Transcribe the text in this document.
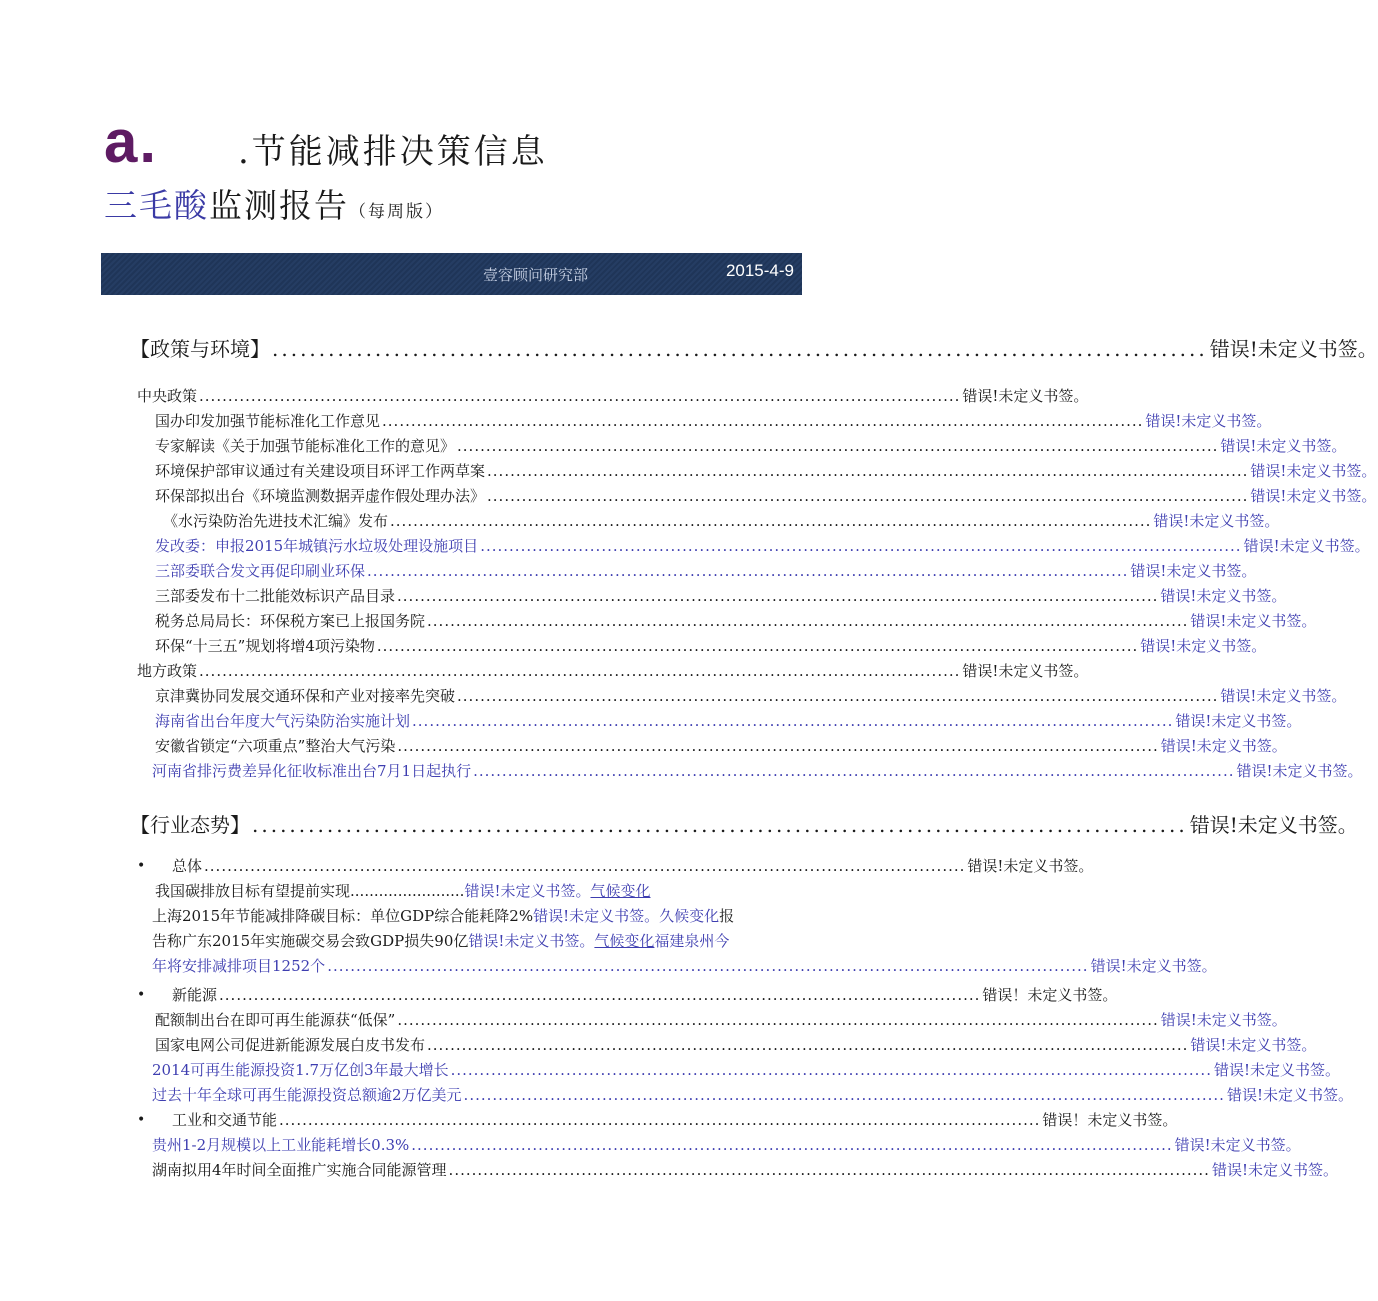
a. .节能减排决策信息
三毛酸监测报告（每周版）
壹容顾问研究部	2015-4-9
【政策与环境】 .................................................................................................... 错误!未定义书签。
中央政策 .................................................................................................................................... 错误!未定义书签。
国办印发加强节能标准化工作意见 .................................................................................................................................... 错误!未定义书签。
专家解读《关于加强节能标准化工作的意见》 .................................................................................................................................... 错误!未定义书签。
环境保护部审议通过有关建设项目环评工作两草案 .................................................................................................................................... 错误!未定义书签。
环保部拟出台《环境监测数据弄虚作假处理办法》 .................................................................................................................................... 错误!未定义书签。
《水污染防治先进技术汇编》发布 .................................................................................................................................... 错误!未定义书签。
发改委：申报2015年城镇污水垃圾处理设施项目 .................................................................................................................................... 错误!未定义书签。
三部委联合发文再促印刷业环保 .................................................................................................................................... 错误!未定义书签。
三部委发布十二批能效标识产品目录 .................................................................................................................................... 错误!未定义书签。
税务总局局长：环保税方案已上报国务院 .................................................................................................................................... 错误!未定义书签。
环保“十三五”规划将增4项污染物 .................................................................................................................................... 错误!未定义书签。
地方政策 .................................................................................................................................... 错误!未定义书签。
京津冀协同发展交通环保和产业对接率先突破 .................................................................................................................................... 错误!未定义书签。
海南省出台年度大气污染防治实施计划 .................................................................................................................................... 错误!未定义书签。
安徽省锁定“六项重点”整治大气污染 .................................................................................................................................... 错误!未定义书签。
河南省排污费差异化征收标准出台7月1日起执行 .................................................................................................................................... 错误!未定义书签。
【行业态势】 .................................................................................................... 错误!未定义书签。
• 总体 .................................................................................................................................... 错误!未定义书签。
我国碳排放目标有望提前实现........................错误!未定义书签。气候变化
上海2015年节能减排降碳目标：单位GDP综合能耗降2%错误!未定义书签。久候变化报
告称广东2015年实施碳交易会致GDP损失90亿错误!未定义书签。气候变化福建泉州今
年将安排减排项目1252个 .................................................................................................................................... 错误!未定义书签。
• 新能源 .................................................................................................................................... 错误！未定义书签。
配额制出台在即可再生能源获“低保” .................................................................................................................................... 错误!未定义书签。
国家电网公司促进新能源发展白皮书发布 .................................................................................................................................... 错误!未定义书签。
2014可再生能源投资1.7万亿创3年最大增长 .................................................................................................................................... 错误!未定义书签。
过去十年全球可再生能源投资总额逾2万亿美元 .................................................................................................................................... 错误!未定义书签。
• 工业和交通节能 .................................................................................................................................... 错误！未定义书签。
贵州1-2月规模以上工业能耗增长0.3% .................................................................................................................................... 错误!未定义书签。
湖南拟用4年时间全面推广实施合同能源管理 .................................................................................................................................... 错误!未定义书签。
